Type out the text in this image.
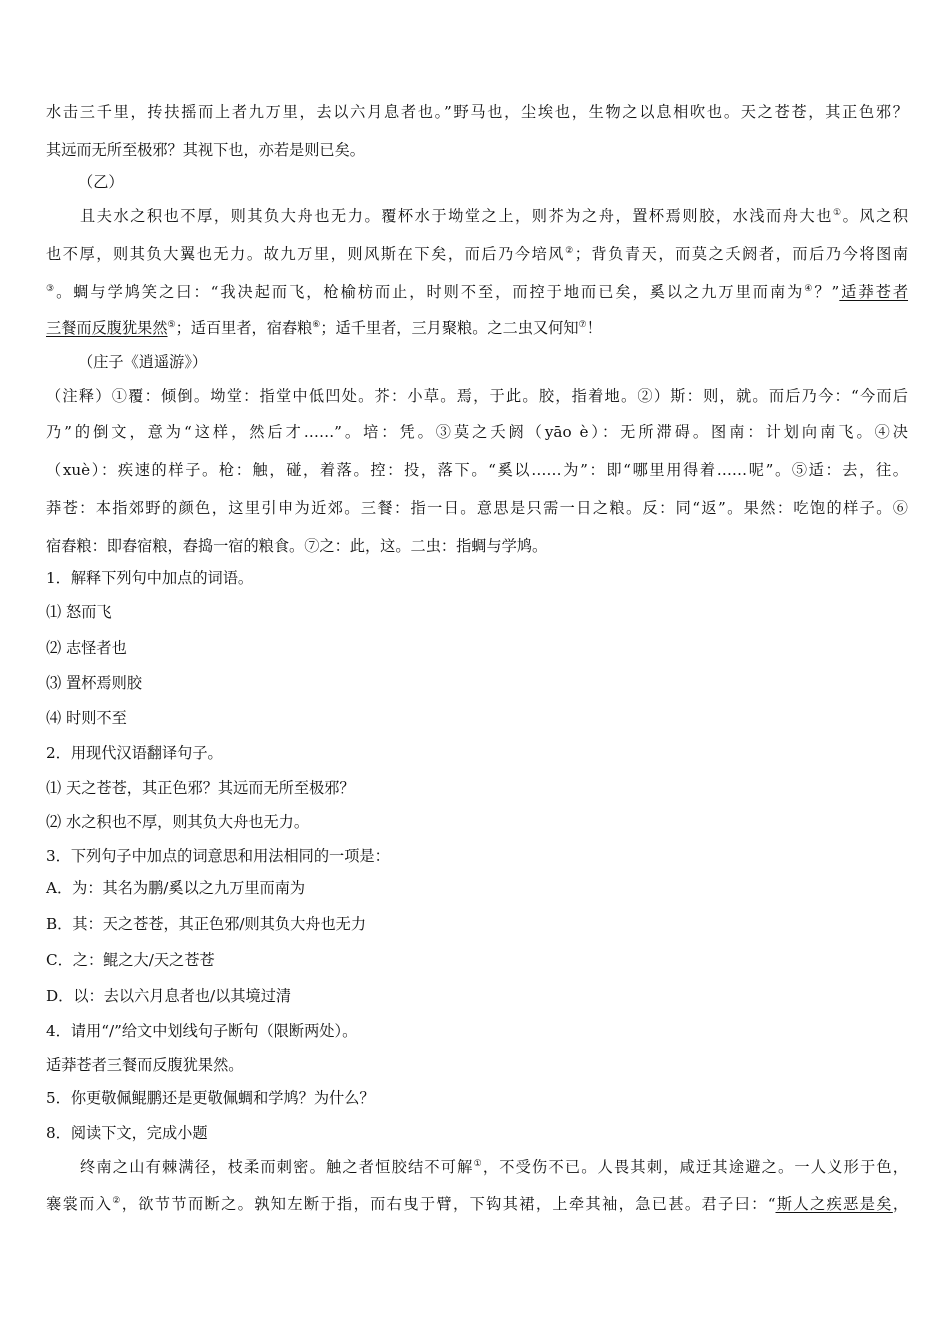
水击三千里，抟扶摇而上者九万里，去以六月息者也。”野马也，尘埃也，生物之以息相吹也。天之苍苍，其正色邪？
其远而无所至极邪？其视下也，亦若是则已矣。
（乙）
且夫水之积也不厚，则其负大舟也无力。覆杯水于坳堂之上，则芥为之舟，置杯焉则胶，水浅而舟大也①。风之积
也不厚，则其负大翼也无力。故九万里，则风斯在下矣，而后乃今培风②；背负青天，而莫之夭阏者，而后乃今将图南
③。蜩与学鸠笑之曰：“我决起而飞，枪榆枋而止，时则不至，而控于地而已矣，奚以之九万里而南为④？”适莽苍者
三餐而反腹犹果然⑤；适百里者，宿舂粮⑥；适千里者，三月聚粮。之二虫又何知⑦！
（庄子《逍遥游》）
（注释）①覆：倾倒。坳堂：指堂中低凹处。芥：小草。焉，于此。胶，指着地。②）斯：则，就。而后乃今：“今而后
乃”的倒文，意为“这样，然后才……”。培：凭。③莫之夭阏（yāo è）：无所滞碍。图南：计划向南飞。④决
（xuè）：疾速的样子。枪：触，碰，着落。控：投，落下。“奚以……为”：即“哪里用得着……呢”。⑤适：去，往。
莽苍：本指郊野的颜色，这里引申为近郊。三餐：指一日。意思是只需一日之粮。反：同“返”。果然：吃饱的样子。⑥
宿舂粮：即舂宿粮，舂捣一宿的粮食。⑦之：此，这。二虫：指蜩与学鸠。
1．解释下列句中加点的词语。
⑴ 怒而飞
⑵ 志怪者也
⑶ 置杯焉则胶
⑷ 时则不至
2．用现代汉语翻译句子。
⑴ 天之苍苍，其正色邪？其远而无所至极邪？
⑵ 水之积也不厚，则其负大舟也无力。
3．下列句子中加点的词意思和用法相同的一项是：
A．为：其名为鹏/奚以之九万里而南为
B．其：天之苍苍，其正色邪/则其负大舟也无力
C．之：鲲之大/天之苍苍
D．以：去以六月息者也/以其境过清
4．请用“/”给文中划线句子断句（限断两处）。
适莽苍者三餐而反腹犹果然。
5．你更敬佩鲲鹏还是更敬佩蜩和学鸠？为什么？
8．阅读下文，完成小题
终南之山有棘满径，枝柔而刺密。触之者恒胶结不可解①，不受伤不已。人畏其刺，咸迂其途避之。一人义形于色，
褰裳而入②，欲节节而断之。孰知左断于指，而右曳于臂，下钩其裙，上牵其袖，急已甚。君子曰：“斯人之疾恶是矣，
